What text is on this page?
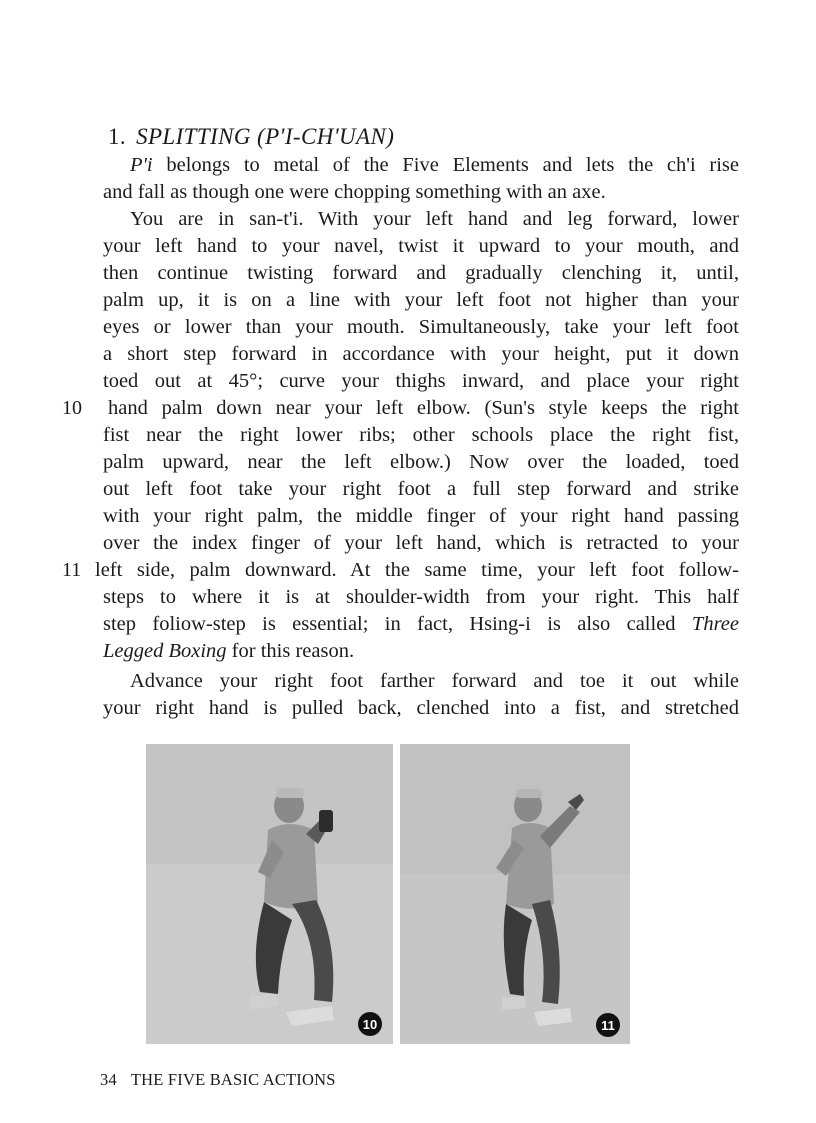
1. SPLITTING (P'I-CH'UAN)
P'i belongs to metal of the Five Elements and lets the ch'i rise
and fall as though one were chopping something with an axe.
You are in san-t'i. With your left hand and leg forward, lower
your left hand to your navel, twist it upward to your mouth, and
then continue twisting forward and gradually clenching it, until,
palm up, it is on a line with your left foot not higher than your
eyes or lower than your mouth. Simultaneously, take your left foot
a short step forward in accordance with your height, put it down
toed out at 45°; curve your thighs inward, and place your right
10 hand palm down near your left elbow. (Sun's style keeps the right
fist near the right lower ribs; other schools place the right fist,
palm upward, near the left elbow.) Now over the loaded, toed
out left foot take your right foot a full step forward and strike
with your right palm, the middle finger of your right hand passing
over the index finger of your left hand, which is retracted to your
11 left side, palm downward. At the same time, your left foot follow-
steps to where it is at shoulder-width from your right. This half
step foliow-step is essential; in fact, Hsing-i is also called Three
Legged Boxing for this reason.
Advance your right foot farther forward and toe it out while
your right hand is pulled back, clenched into a fist, and stretched
10	11
34 THE FIVE BASIC ACTIONS
